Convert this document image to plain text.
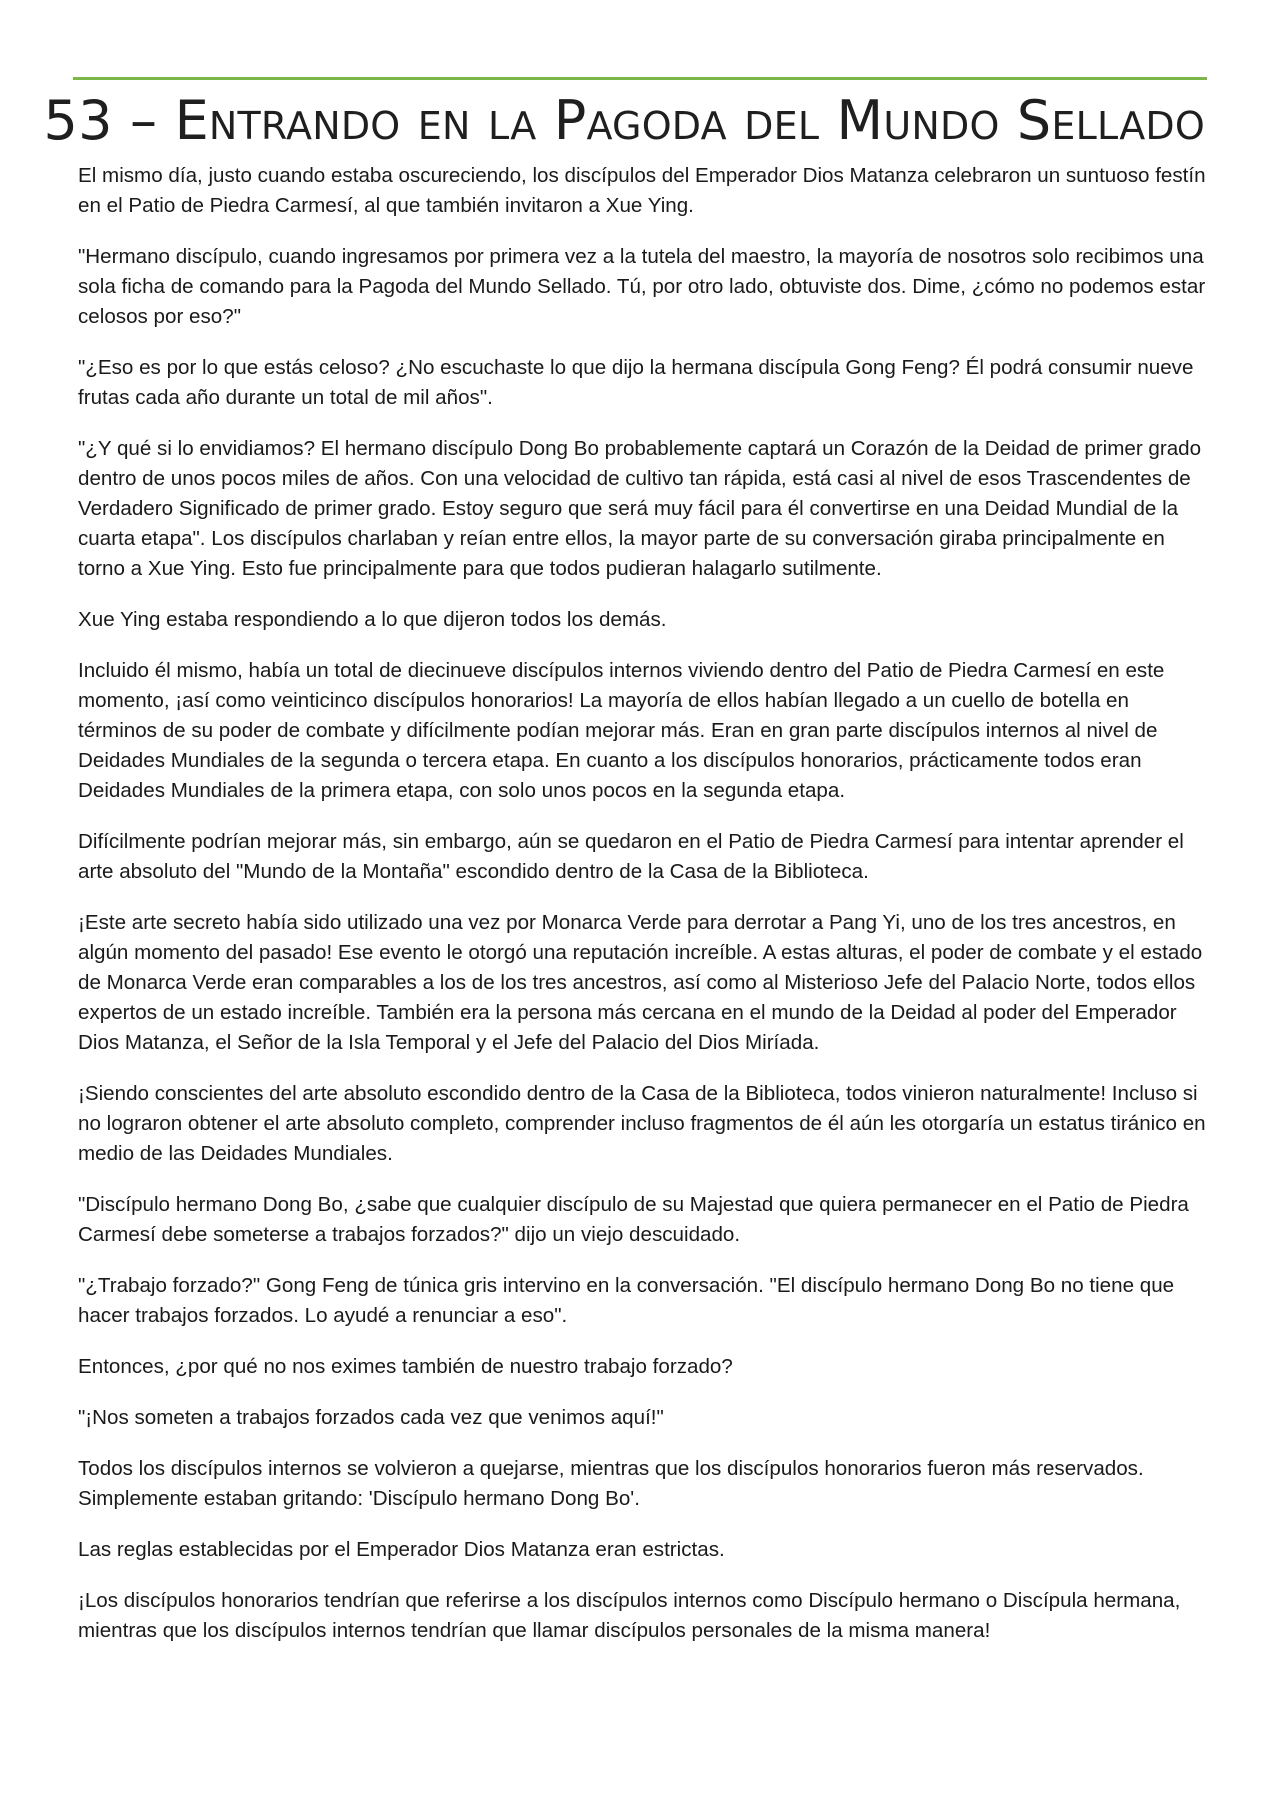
53 – Entrando en la Pagoda del Mundo Sellado

El mismo día, justo cuando estaba oscureciendo, los discípulos del Emperador Dios Matanza celebraron un suntuoso festín en el Patio de Piedra Carmesí, al que también invitaron a Xue Ying.

"Hermano discípulo, cuando ingresamos por primera vez a la tutela del maestro, la mayoría de nosotros solo recibimos una sola ficha de comando para la Pagoda del Mundo Sellado. Tú, por otro lado, obtuviste dos. Dime, ¿cómo no podemos estar celosos por eso?"

"¿Eso es por lo que estás celoso? ¿No escuchaste lo que dijo la hermana discípula Gong Feng? Él podrá consumir nueve frutas cada año durante un total de mil años".

"¿Y qué si lo envidiamos? El hermano discípulo Dong Bo probablemente captará un Corazón de la Deidad de primer grado dentro de unos pocos miles de años. Con una velocidad de cultivo tan rápida, está casi al nivel de esos Trascendentes de Verdadero Significado de primer grado. Estoy seguro que será muy fácil para él convertirse en una Deidad Mundial de la cuarta etapa". Los discípulos charlaban y reían entre ellos, la mayor parte de su conversación giraba principalmente en torno a Xue Ying. Esto fue principalmente para que todos pudieran halagarlo sutilmente.

Xue Ying estaba respondiendo a lo que dijeron todos los demás.

Incluido él mismo, había un total de diecinueve discípulos internos viviendo dentro del Patio de Piedra Carmesí en este momento, ¡así como veinticinco discípulos honorarios! La mayoría de ellos habían llegado a un cuello de botella en términos de su poder de combate y difícilmente podían mejorar más. Eran en gran parte discípulos internos al nivel de Deidades Mundiales de la segunda o tercera etapa. En cuanto a los discípulos honorarios, prácticamente todos eran Deidades Mundiales de la primera etapa, con solo unos pocos en la segunda etapa.

Difícilmente podrían mejorar más, sin embargo, aún se quedaron en el Patio de Piedra Carmesí para intentar aprender el arte absoluto del "Mundo de la Montaña" escondido dentro de la Casa de la Biblioteca.

¡Este arte secreto había sido utilizado una vez por Monarca Verde para derrotar a Pang Yi, uno de los tres ancestros, en algún momento del pasado! Ese evento le otorgó una reputación increíble. A estas alturas, el poder de combate y el estado de Monarca Verde eran comparables a los de los tres ancestros, así como al Misterioso Jefe del Palacio Norte, todos ellos expertos de un estado increíble. También era la persona más cercana en el mundo de la Deidad al poder del Emperador Dios Matanza, el Señor de la Isla Temporal y el Jefe del Palacio del Dios Miríada.

¡Siendo conscientes del arte absoluto escondido dentro de la Casa de la Biblioteca, todos vinieron naturalmente! Incluso si no lograron obtener el arte absoluto completo, comprender incluso fragmentos de él aún les otorgaría un estatus tiránico en medio de las Deidades Mundiales.

"Discípulo hermano Dong Bo, ¿sabe que cualquier discípulo de su Majestad que quiera permanecer en el Patio de Piedra Carmesí debe someterse a trabajos forzados?" dijo un viejo descuidado.

"¿Trabajo forzado?" Gong Feng de túnica gris intervino en la conversación. "El discípulo hermano Dong Bo no tiene que hacer trabajos forzados. Lo ayudé a renunciar a eso".

Entonces, ¿por qué no nos eximes también de nuestro trabajo forzado?

"¡Nos someten a trabajos forzados cada vez que venimos aquí!"

Todos los discípulos internos se volvieron a quejarse, mientras que los discípulos honorarios fueron más reservados. Simplemente estaban gritando: 'Discípulo hermano Dong Bo'.

Las reglas establecidas por el Emperador Dios Matanza eran estrictas.

¡Los discípulos honorarios tendrían que referirse a los discípulos internos como Discípulo hermano o Discípula hermana, mientras que los discípulos internos tendrían que llamar discípulos personales de la misma manera!
